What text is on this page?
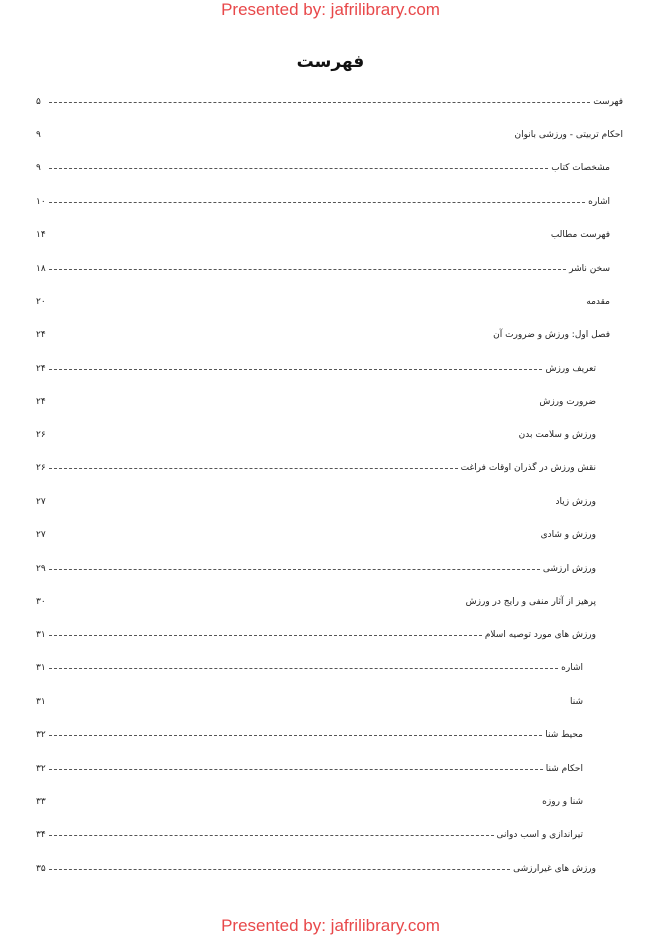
Presented by: jafrilibrary.com
فهرست
فهرست
۵
احکام تربیتی - ورزشی بانوان
۹
مشخصات کتاب
۹
اشاره
۱۰
فهرست مطالب
۱۴
سخن ناشر
۱۸
مقدمه
۲۰
فصل اول: ورزش و ضرورت آن
۲۴
تعریف ورزش
۲۴
ضرورت ورزش
۲۴
ورزش و سلامت بدن
۲۶
نقش ورزش در گذران اوقات فراغت
۲۶
ورزش زیاد
۲۷
ورزش و شادی
۲۷
ورزش ارزشی
۲۹
پرهیز از آثار منفی و رایج در ورزش
۳۰
ورزش های مورد توصیه اسلام
۳۱
اشاره
۳۱
شنا
۳۱
محیط شنا
۳۲
احکام شنا
۳۲
شنا و روزه
۳۳
تیراندازی و اسب دوانی
۳۴
ورزش های غیرارزشی
۳۵
Presented by: jafrilibrary.com
